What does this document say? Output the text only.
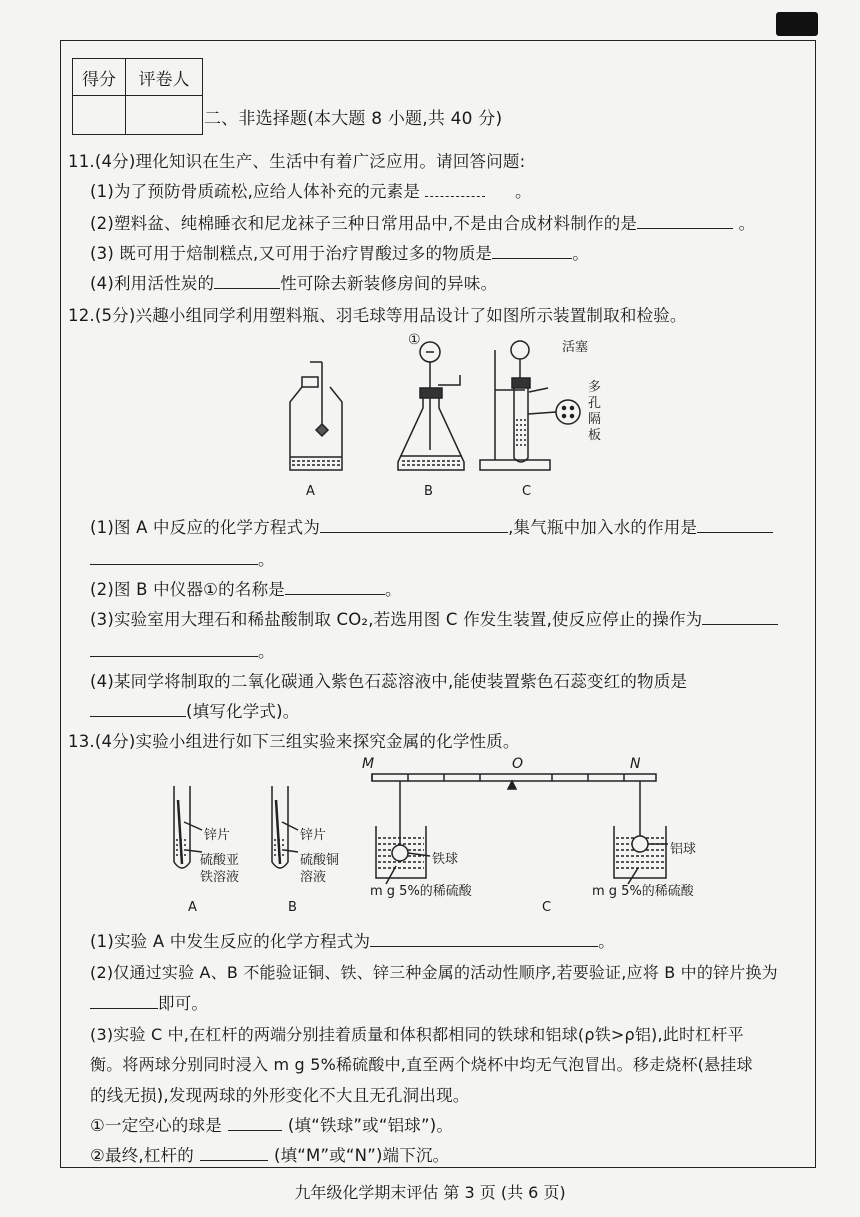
得分	评卷人

二、非选择题(本大题 8 小题,共 40 分)
11.(4分)理化知识在生产、生活中有着广泛应用。请回答问题:
(1)为了预防骨质疏松,应给人体补充的元素是	。
(2)塑料盆、纯棉睡衣和尼龙袜子三种日常用品中,不是由合成材料制作的是	。
(3) 既可用于焙制糕点,又可用于治疗胃酸过多的物质是	。
(4)利用活性炭的	性可除去新装修房间的异味。
12.(5分)兴趣小组同学利用塑料瓶、羽毛球等用品设计了如图所示装置制取和检验。
①	活塞
多
孔
隔
板
A	B	C
(1)图 A 中反应的化学方程式为	,集气瓶中加入水的作用是
。
(2)图 B 中仪器①的名称是	。
(3)实验室用大理石和稀盐酸制取 CO₂,若选用图 C 作发生装置,使反应停止的操作为
。
(4)某同学将制取的二氧化碳通入紫色石蕊溶液中,能使装置紫色石蕊变红的物质是
(填写化学式)。
13.(4分)实验小组进行如下三组实验来探究金属的化学性质。
M	O	N
锌片
硫酸亚
铁溶液
锌片
硫酸铜
溶液
铁球
铝球
m g 5%的稀硫酸	m g 5%的稀硫酸
A	B	C
(1)实验 A 中发生反应的化学方程式为	。
(2)仅通过实验 A、B 不能验证铜、铁、锌三种金属的活动性顺序,若要验证,应将 B 中的锌片换为
即可。
(3)实验 C 中,在杠杆的两端分别挂着质量和体积都相同的铁球和铝球(ρ铁>ρ铝),此时杠杆平
衡。将两球分别同时浸入 m g 5%稀硫酸中,直至两个烧杯中均无气泡冒出。移走烧杯(悬挂球
的线无损),发现两球的外形变化不大且无孔洞出现。
①一定空心的球是	(填“铁球”或“铝球”)。
②最终,杠杆的	(填“M”或“N”)端下沉。
九年级化学期末评估 第 3 页 (共 6 页)
